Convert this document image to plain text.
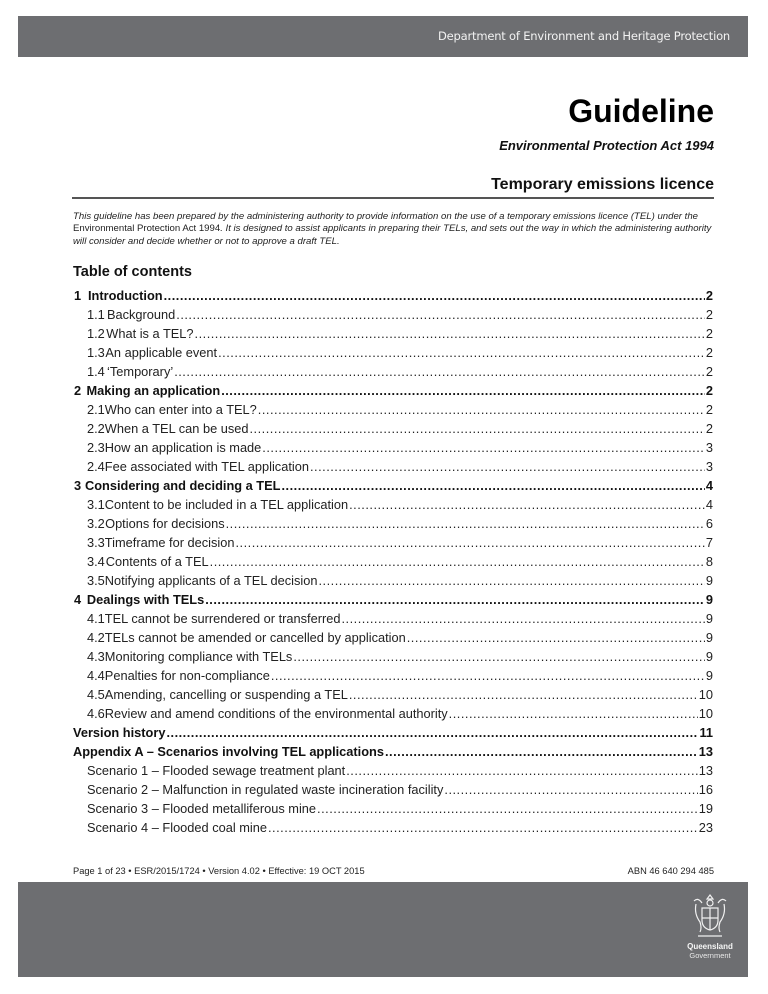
Department of Environment and Heritage Protection
Guideline
Environmental Protection Act 1994
Temporary emissions licence

This guideline has been prepared by the administering authority to provide information on the use of a temporary emissions licence (TEL) under the Environmental Protection Act 1994. It is designed to assist applicants in preparing their TELs, and sets out the way in which the administering authority will consider and decide whether or not to approve a draft TEL.

Table of contents
1 Introduction .....	2
1.1 Background .....	2
1.2 What is a TEL? .....	2
1.3 An applicable event .....	2
1.4 ‘Temporary’ .....	2
2 Making an application .....	2
2.1 Who can enter into a TEL? .....	2
2.2 When a TEL can be used .....	2
2.3 How an application is made .....	3
2.4 Fee associated with TEL application .....	3
3 Considering and deciding a TEL .....	4
3.1 Content to be included in a TEL application .....	4
3.2 Options for decisions .....	6
3.3 Timeframe for decision .....	7
3.4 Contents of a TEL .....	8
3.5 Notifying applicants of a TEL decision .....	9
4 Dealings with TELs .....	9
4.1 TEL cannot be surrendered or transferred .....	9
4.2 TELs cannot be amended or cancelled by application .....	9
4.3 Monitoring compliance with TELs .....	9
4.4 Penalties for non-compliance .....	9
4.5 Amending, cancelling or suspending a TEL .....	10
4.6 Review and amend conditions of the environmental authority .....	10
Version history .....	11
Appendix A – Scenarios involving TEL applications .....	13
Scenario 1 – Flooded sewage treatment plant .....	13
Scenario 2 – Malfunction in regulated waste incineration facility .....	16
Scenario 3 – Flooded metalliferous mine .....	19
Scenario 4 – Flooded coal mine .....	23
Page 1 of 23 • ESR/2015/1724 • Version 4.02 • Effective: 19 OCT 2015	ABN 46 640 294 485
Queensland
Government
